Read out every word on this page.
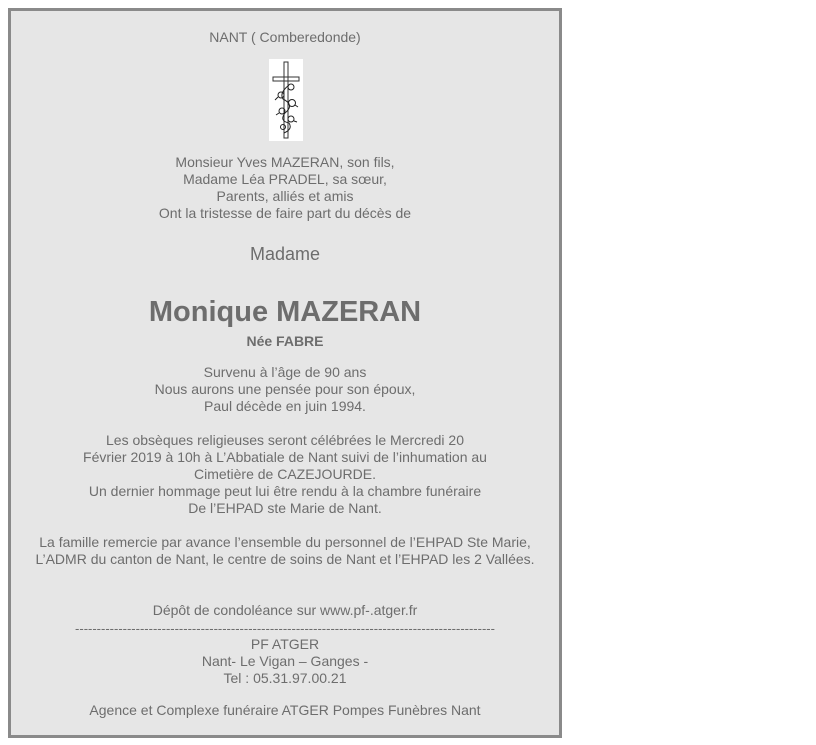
NANT ( Comberedonde)
Monsieur Yves MAZERAN, son fils,
Madame Léa PRADEL, sa sœur,
Parents, alliés et amis
Ont la tristesse de faire part du décès de
Madame
Monique MAZERAN
Née FABRE
Survenu à l’âge de 90 ans
Nous aurons une pensée pour son époux,
Paul décède en juin 1994.
Les obsèques religieuses seront célébrées le Mercredi 20
Février 2019 à 10h à L’Abbatiale de Nant suivi de l’inhumation au
Cimetière de CAZEJOURDE.
Un dernier hommage peut lui être rendu à la chambre funéraire
De l’EHPAD ste Marie de Nant.
La famille remercie par avance l’ensemble du personnel de l’EHPAD Ste Marie,
L’ADMR du canton de Nant, le centre de soins de Nant et l’EHPAD les 2 Vallées.
Dépôt de condoléance sur www.pf-.atger.fr
-------------------------------------------------------------------------------------------------
PF ATGER
Nant- Le Vigan – Ganges -
Tel : 05.31.97.00.21
Agence et Complexe funéraire ATGER Pompes Funèbres Nant
